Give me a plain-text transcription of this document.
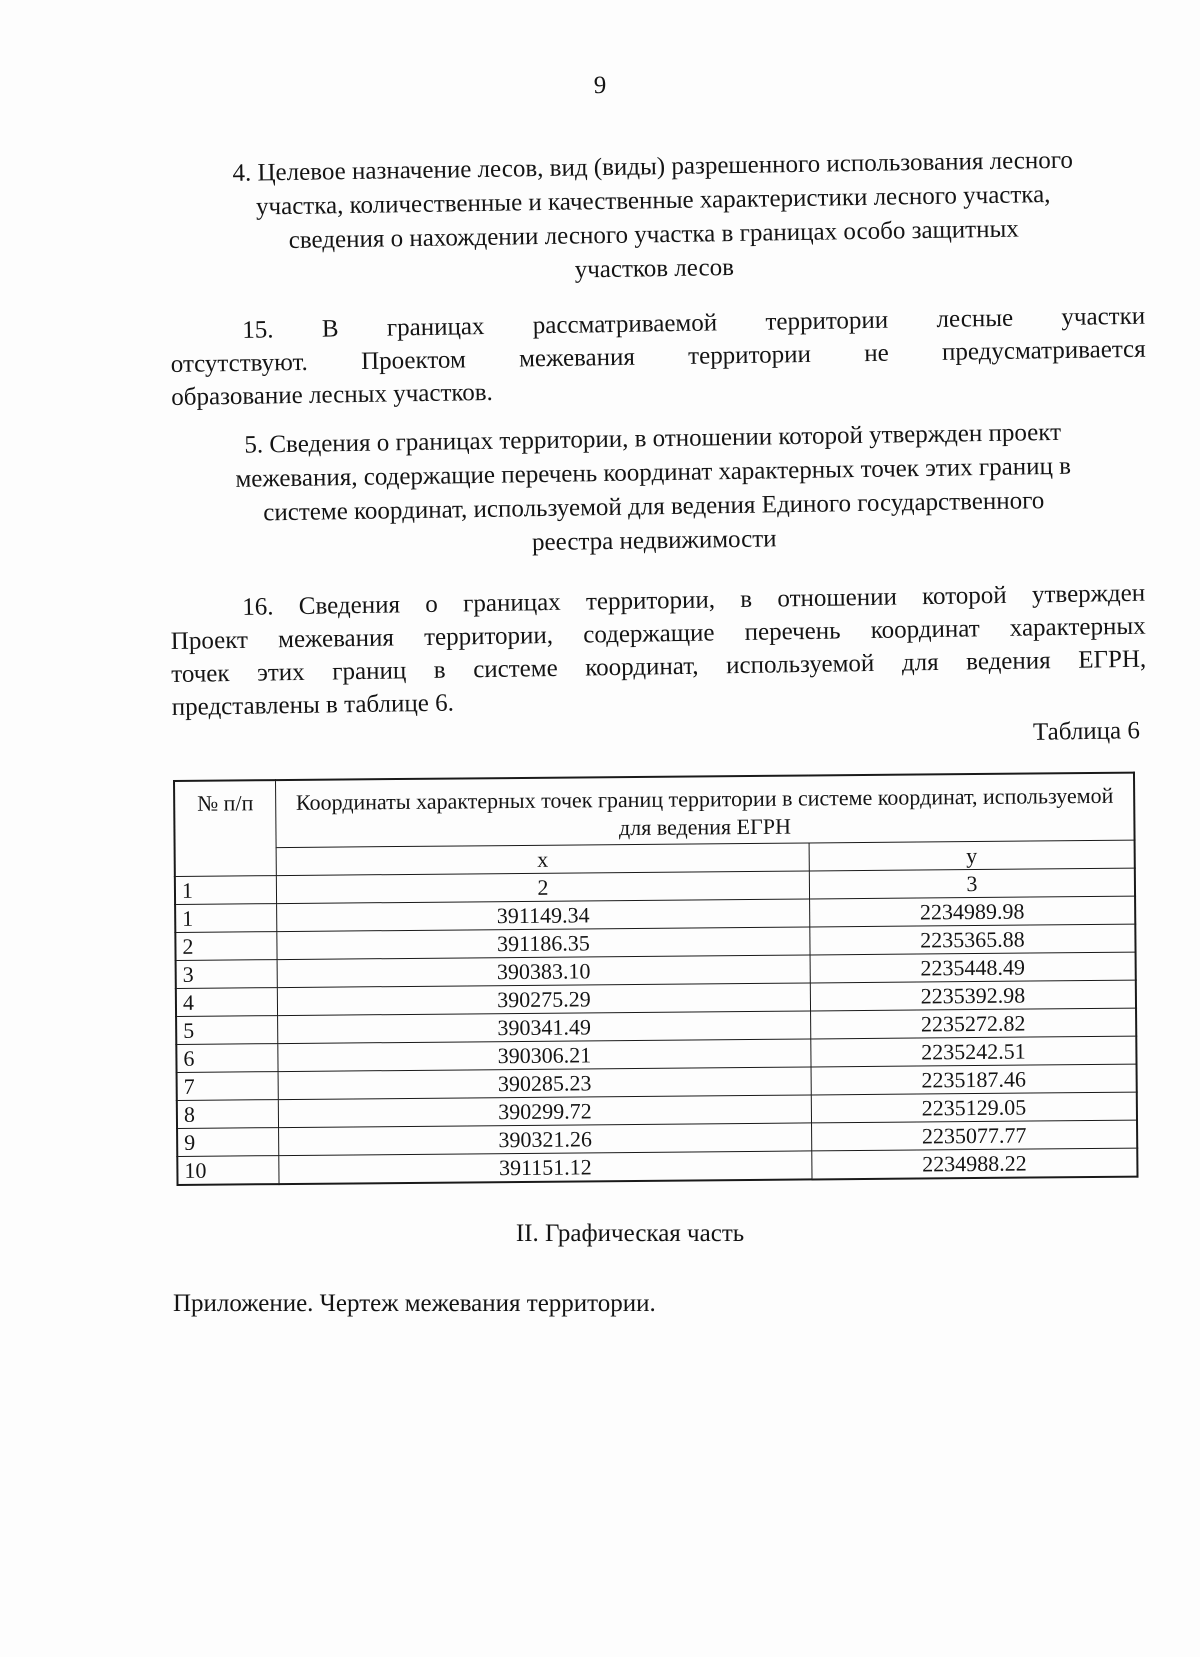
9
4. Целевое назначение лесов, вид (виды) разрешенного использования лесного
участка, количественные и качественные характеристики лесного участка,
сведения о нахождении лесного участка в границах особо защитных
участков лесов
15. В границах рассматриваемой территории лесные участки
отсутствуют. Проектом межевания территории не предусматривается
образование лесных участков.
5. Сведения о границах территории, в отношении которой утвержден проект
межевания, содержащие перечень координат характерных точек этих границ в
системе координат, используемой для ведения Единого государственного
реестра недвижимости
16. Сведения о границах территории, в отношении которой утвержден
Проект межевания территории, содержащие перечень координат характерных
точек этих границ в системе координат, используемой для ведения ЕГРН,
представлены в таблице 6.
Таблица 6
№ п/п	Координаты характерных точек границ территории в системе координат, используемой для ведения ЕГРН	
	х	у
1	2	3
1	391149.34	2234989.98
2	391186.35	2235365.88
3	390383.10	2235448.49
4	390275.29	2235392.98
5	390341.49	2235272.82
6	390306.21	2235242.51
7	390285.23	2235187.46
8	390299.72	2235129.05
9	390321.26	2235077.77
10	391151.12	2234988.22
II. Графическая часть
Приложение. Чертеж межевания территории.
